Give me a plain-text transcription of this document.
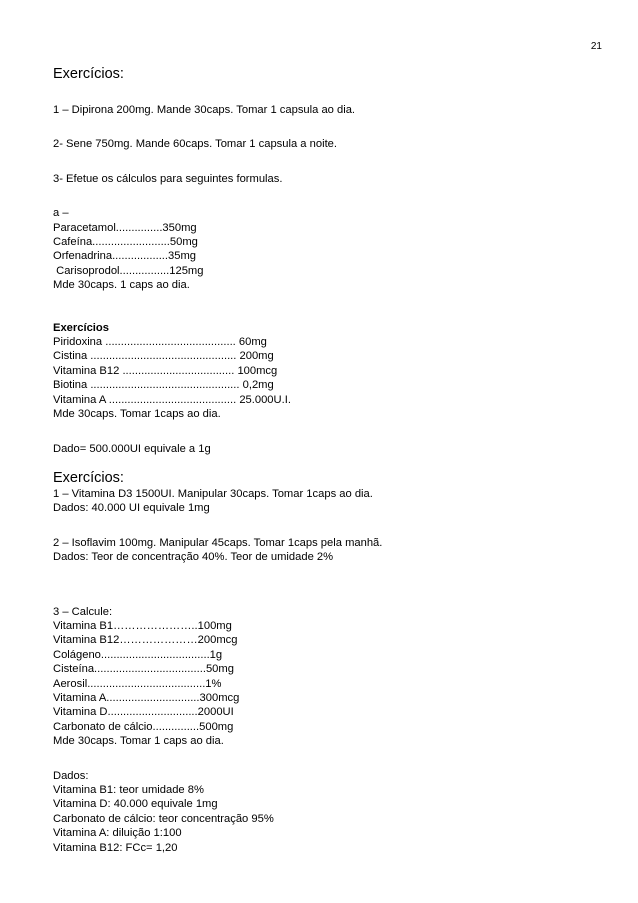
21

Exercícios:

1 – Dipirona 200mg. Mande 30caps. Tomar 1 capsula ao dia.

2- Sene 750mg. Mande 60caps. Tomar 1 capsula a noite.

3- Efetue os cálculos para seguintes formulas.

a –

Paracetamol...............350mg

Cafeína.........................50mg

Orfenadrina..................35mg

Carisoprodol................125mg

Mde 30caps. 1 caps ao dia.

Exercícios

Piridoxina .......................................... 60mg

Cistina ............................................... 200mg

Vitamina B12 .................................... 100mcg

Biotina ................................................ 0,2mg

Vitamina A ......................................... 25.000U.I.

Mde 30caps. Tomar 1caps ao dia.

Dado= 500.000UI equivale a 1g

Exercícios:

1 – Vitamina D3 1500UI. Manipular 30caps. Tomar 1caps ao dia.

Dados: 40.000 UI equivale 1mg

2 – Isoflavim 100mg. Manipular 45caps. Tomar 1caps pela manhã.

Dados: Teor de concentração 40%. Teor de umidade 2%

3 – Calcule:

Vitamina B1…………………..100mg

Vitamina B12…………………200mcg

Colágeno...................................1g

Cisteína....................................50mg

Aerosil......................................1%

Vitamina A..............................300mcg

Vitamina D.............................2000UI

Carbonato de cálcio...............500mg

Mde 30caps. Tomar 1 caps ao dia.

Dados:

Vitamina B1: teor umidade 8%

Vitamina D: 40.000 equivale 1mg

Carbonato de cálcio: teor concentração 95%

Vitamina A: diluição 1:100

Vitamina B12: FCc= 1,20
